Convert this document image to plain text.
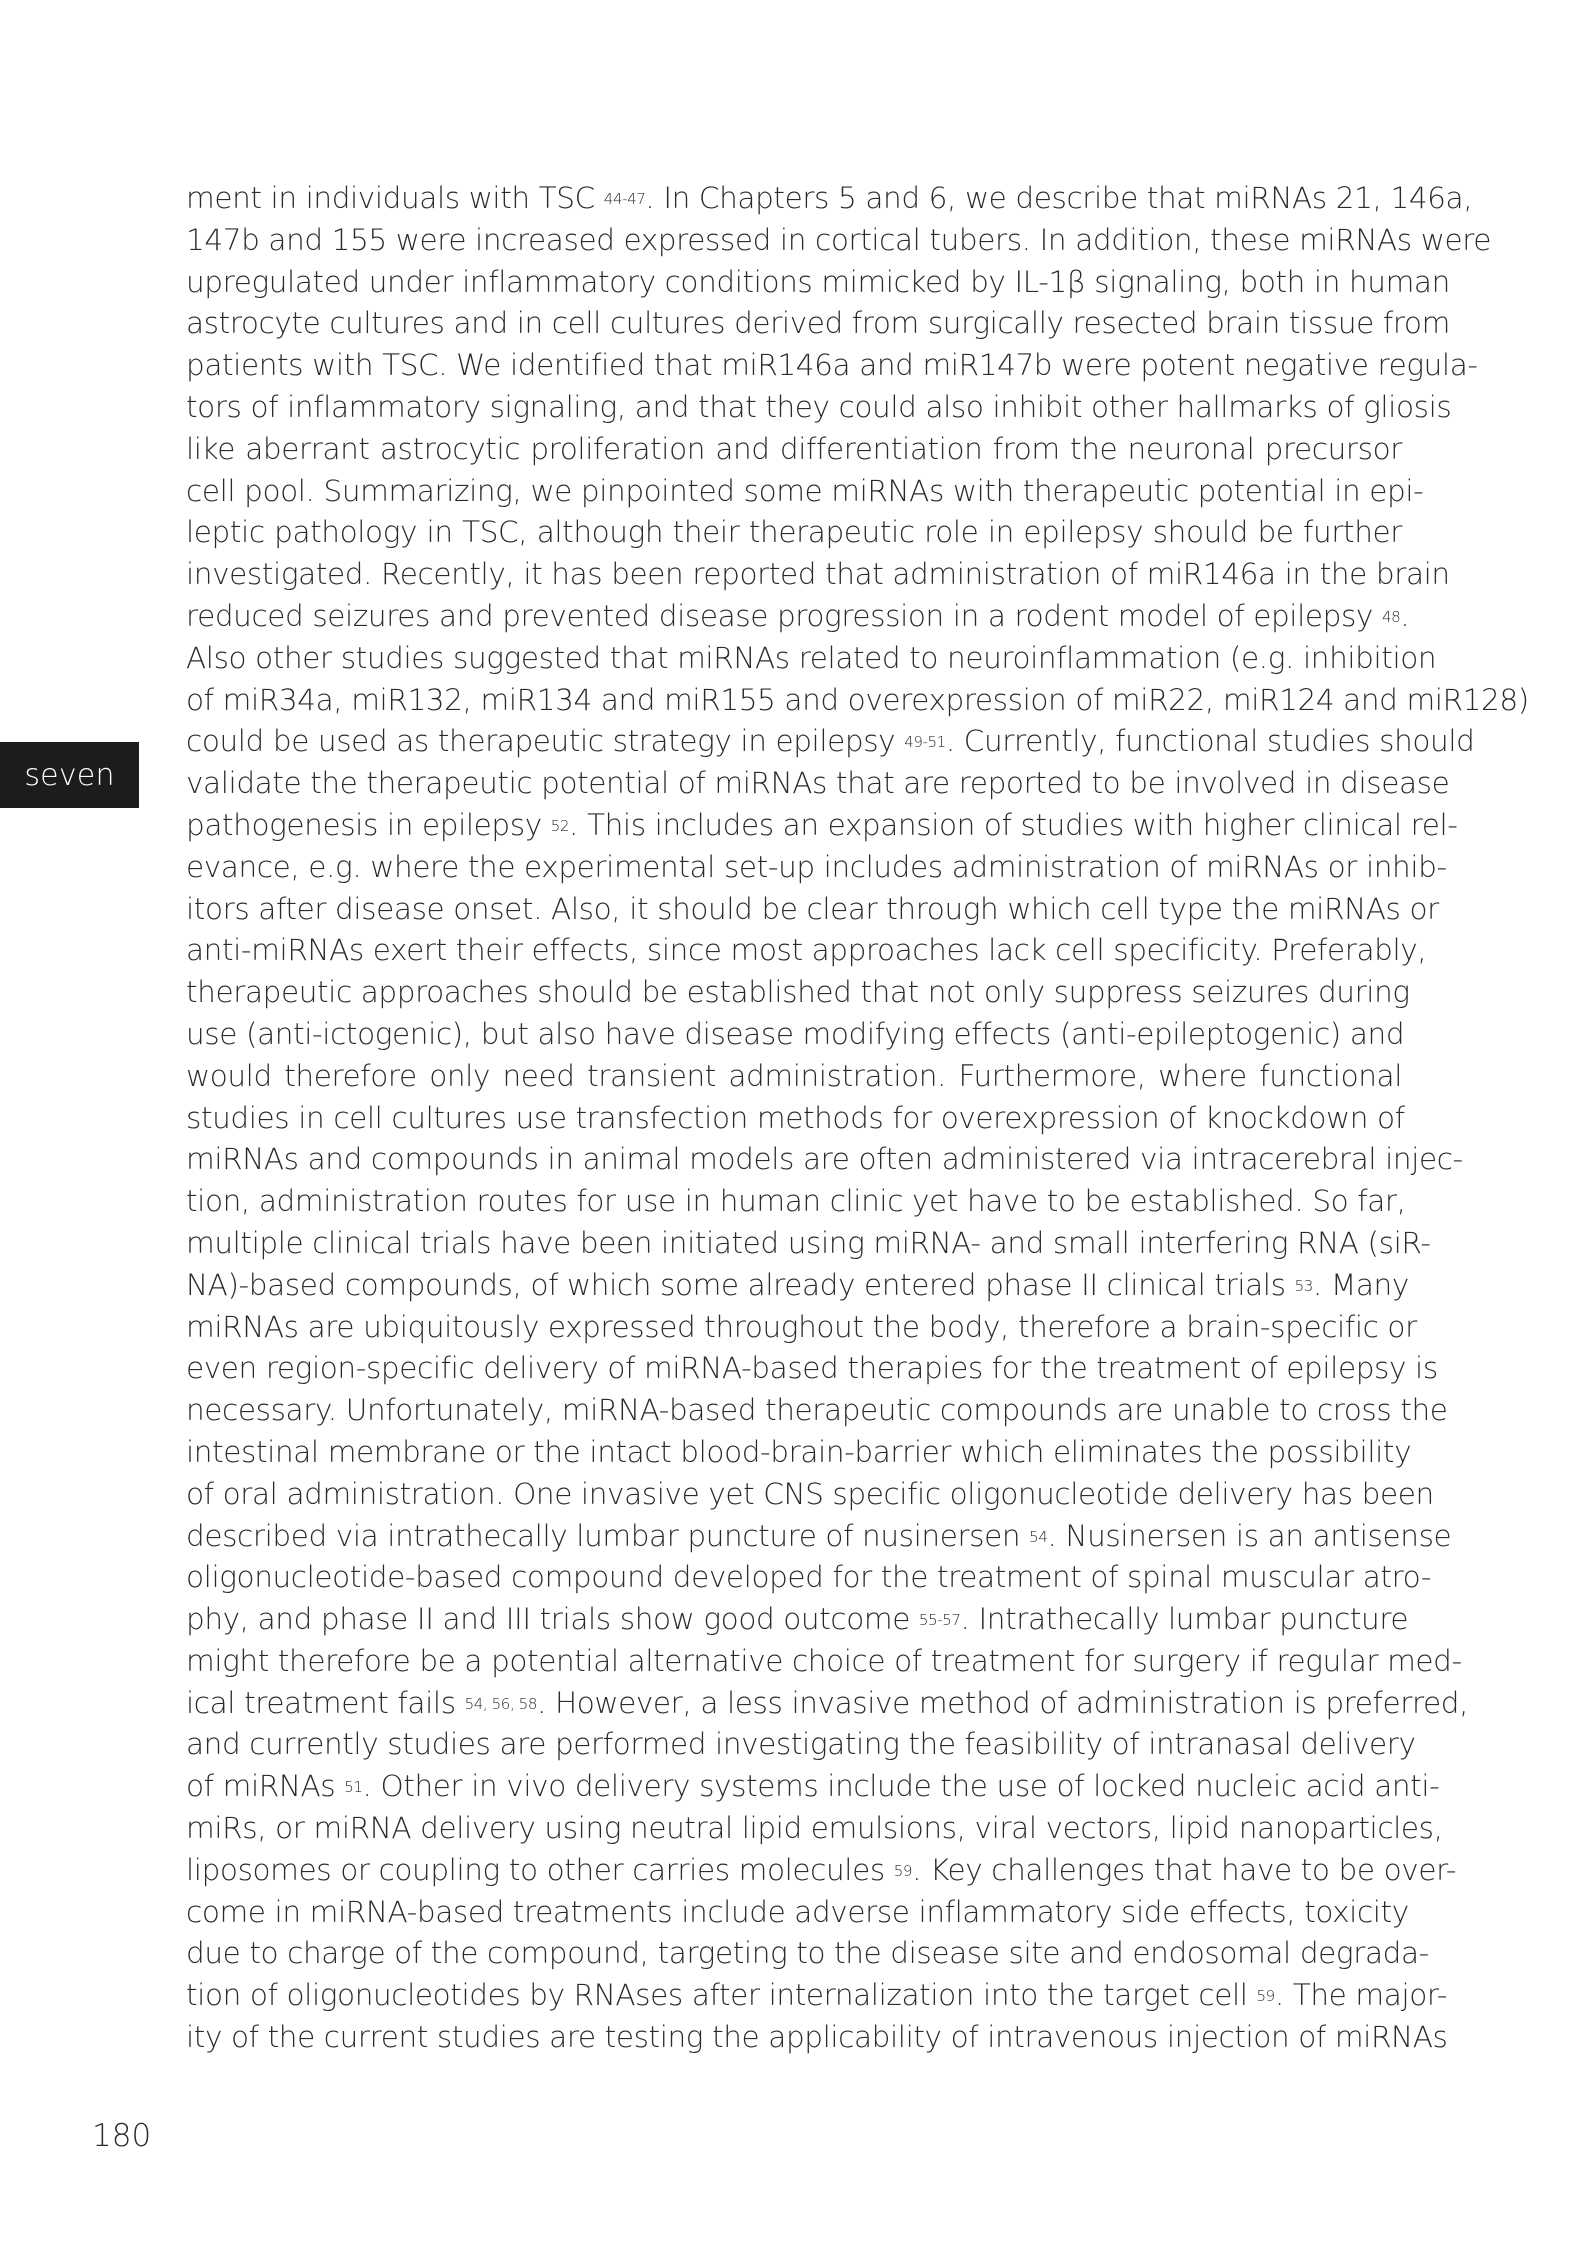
seven
ment in individuals with TSC $^{44-47}$. In Chapters 5 and 6, we describe that miRNAs 21, 146a,
147b and 155 were increased expressed in cortical tubers. In addition, these miRNAs were
upregulated under inflammatory conditions mimicked by IL-1β signaling, both in human
astrocyte cultures and in cell cultures derived from surgically resected brain tissue from
patients with TSC. We identified that miR146a and miR147b were potent negative regula-
tors of inflammatory signaling, and that they could also inhibit other hallmarks of gliosis
like aberrant astrocytic proliferation and differentiation from the neuronal precursor
cell pool. Summarizing, we pinpointed some miRNAs with therapeutic potential in epi-
leptic pathology in TSC, although their therapeutic role in epilepsy should be further
investigated. Recently, it has been reported that administration of miR146a in the brain
reduced seizures and prevented disease progression in a rodent model of epilepsy $^{48}$.
Also other studies suggested that miRNAs related to neuroinflammation (e.g. inhibition
of miR34a, miR132, miR134 and miR155 and overexpression of miR22, miR124 and miR128)
could be used as therapeutic strategy in epilepsy $^{49-51}$. Currently, functional studies should
validate the therapeutic potential of miRNAs that are reported to be involved in disease
pathogenesis in epilepsy $^{52}$. This includes an expansion of studies with higher clinical rel-
evance, e.g. where the experimental set-up includes administration of miRNAs or inhib-
itors after disease onset. Also, it should be clear through which cell type the miRNAs or
anti-miRNAs exert their effects, since most approaches lack cell specificity. Preferably,
therapeutic approaches should be established that not only suppress seizures during
use (anti-ictogenic), but also have disease modifying effects (anti-epileptogenic) and
would therefore only need transient administration. Furthermore, where functional
studies in cell cultures use transfection methods for overexpression of knockdown of
miRNAs and compounds in animal models are often administered via intracerebral injec-
tion, administration routes for use in human clinic yet have to be established. So far,
multiple clinical trials have been initiated using miRNA- and small interfering RNA (siR-
NA)-based compounds, of which some already entered phase II clinical trials $^{53}$. Many
miRNAs are ubiquitously expressed throughout the body, therefore a brain-specific or
even region-specific delivery of miRNA-based therapies for the treatment of epilepsy is
necessary. Unfortunately, miRNA-based therapeutic compounds are unable to cross the
intestinal membrane or the intact blood-brain-barrier which eliminates the possibility
of oral administration. One invasive yet CNS specific oligonucleotide delivery has been
described via intrathecally lumbar puncture of nusinersen $^{54}$. Nusinersen is an antisense
oligonucleotide-based compound developed for the treatment of spinal muscular atro-
phy, and phase II and III trials show good outcome $^{55-57}$. Intrathecally lumbar puncture
might therefore be a potential alternative choice of treatment for surgery if regular med-
ical treatment fails $^{54, 56, 58}$. However, a less invasive method of administration is preferred,
and currently studies are performed investigating the feasibility of intranasal delivery
of miRNAs $^{51}$. Other in vivo delivery systems include the use of locked nucleic acid anti-
miRs, or miRNA delivery using neutral lipid emulsions, viral vectors, lipid nanoparticles,
liposomes or coupling to other carries molecules $^{59}$. Key challenges that have to be over-
come in miRNA-based treatments include adverse inflammatory side effects, toxicity
due to charge of the compound, targeting to the disease site and endosomal degrada-
tion of oligonucleotides by RNAses after internalization into the target cell $^{59}$. The major-
ity of the current studies are testing the applicability of intravenous injection of miRNAs
180
